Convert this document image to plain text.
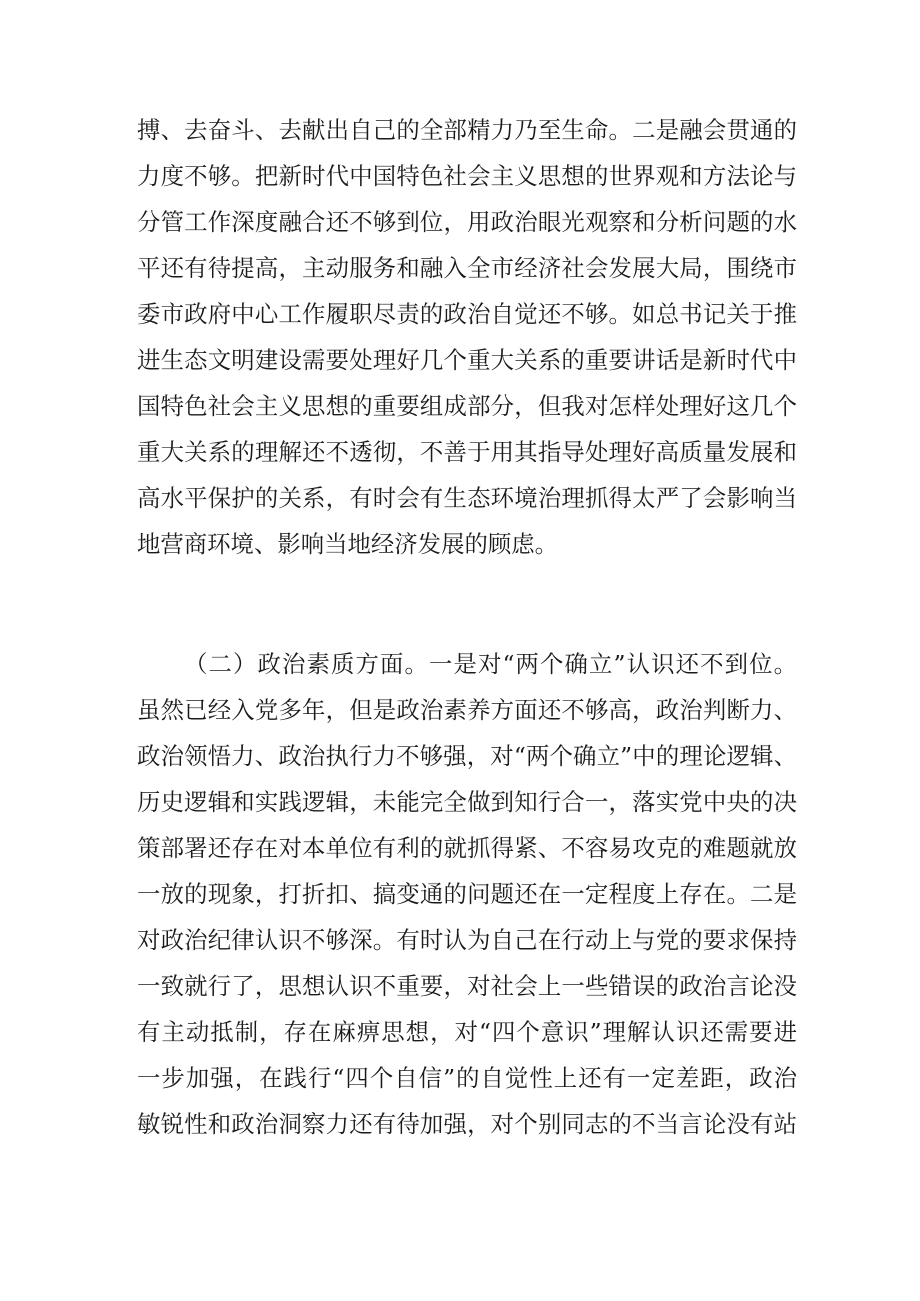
搏、去奋斗、去献出自己的全部精力乃至生命。二是融会贯通的
力度不够。把新时代中国特色社会主义思想的世界观和方法论与
分管工作深度融合还不够到位，用政治眼光观察和分析问题的水
平还有待提高，主动服务和融入全市经济社会发展大局，围绕市
委市政府中心工作履职尽责的政治自觉还不够。如总书记关于推
进生态文明建设需要处理好几个重大关系的重要讲话是新时代中
国特色社会主义思想的重要组成部分，但我对怎样处理好这几个
重大关系的理解还不透彻，不善于用其指导处理好高质量发展和
高水平保护的关系，有时会有生态环境治理抓得太严了会影响当
地营商环境、影响当地经济发展的顾虑。
（二）政治素质方面。一是对“两个确立”认识还不到位。
虽然已经入党多年，但是政治素养方面还不够高，政治判断力、
政治领悟力、政治执行力不够强，对“两个确立”中的理论逻辑、
历史逻辑和实践逻辑，未能完全做到知行合一，落实党中央的决
策部署还存在对本单位有利的就抓得紧、不容易攻克的难题就放
一放的现象，打折扣、搞变通的问题还在一定程度上存在。二是
对政治纪律认识不够深。有时认为自己在行动上与党的要求保持
一致就行了，思想认识不重要，对社会上一些错误的政治言论没
有主动抵制，存在麻痹思想，对“四个意识”理解认识还需要进
一步加强，在践行“四个自信”的自觉性上还有一定差距，政治
敏锐性和政治洞察力还有待加强，对个别同志的不当言论没有站
